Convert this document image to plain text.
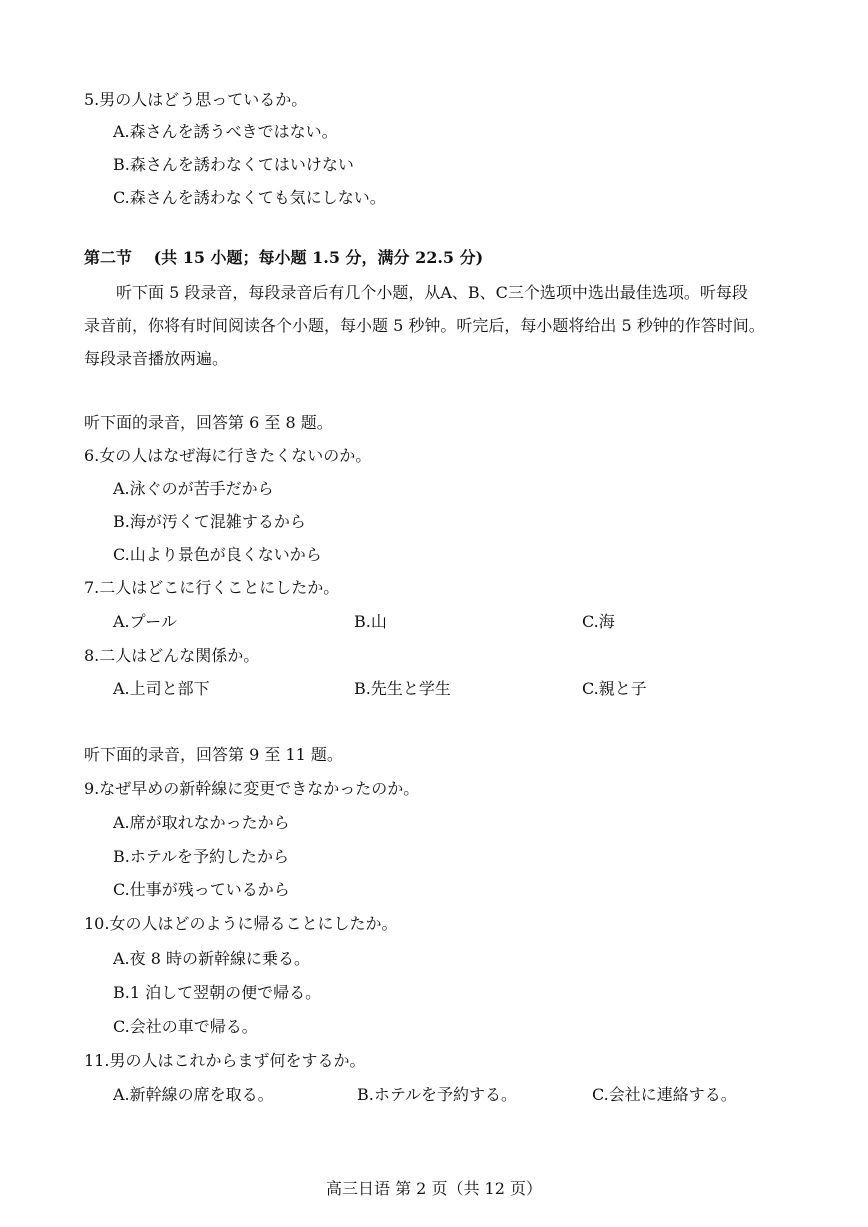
5.男の人はどう思っているか。
A.森さんを誘うべきではない。
B.森さんを誘わなくてはいけない
C.森さんを誘わなくても気にしない。
第二节　 (共 15 小题；每小题 1.5 分，满分 22.5 分)
听下面 5 段录音，每段录音后有几个小题，从A、B、C三个选项中选出最佳选项。听每段
录音前，你将有时间阅读各个小题，每小题 5 秒钟。听完后，每小题将给出 5 秒钟的作答时间。
每段录音播放两遍。
听下面的录音，回答第 6 至 8 题。
6.女の人はなぜ海に行きたくないのか。
A.泳ぐのが苦手だから
B.海が汚くて混雑するから
C.山より景色が良くないから
7.二人はどこに行くことにしたか。
A.プール	B.山	C.海
8.二人はどんな関係か。
A.上司と部下	B.先生と学生	C.親と子
听下面的录音，回答第 9 至 11 题。
9.なぜ早めの新幹線に変更できなかったのか。
A.席が取れなかったから
B.ホテルを予約したから
C.仕事が残っているから
10.女の人はどのように帰ることにしたか。
A.夜 8 時の新幹線に乗る。
B.1 泊して翌朝の便で帰る。
C.会社の車で帰る。
11.男の人はこれからまず何をするか。
A.新幹線の席を取る。	B.ホテルを予約する。	C.会社に連絡する。
高三日语 第 2 页（共 12 页）
